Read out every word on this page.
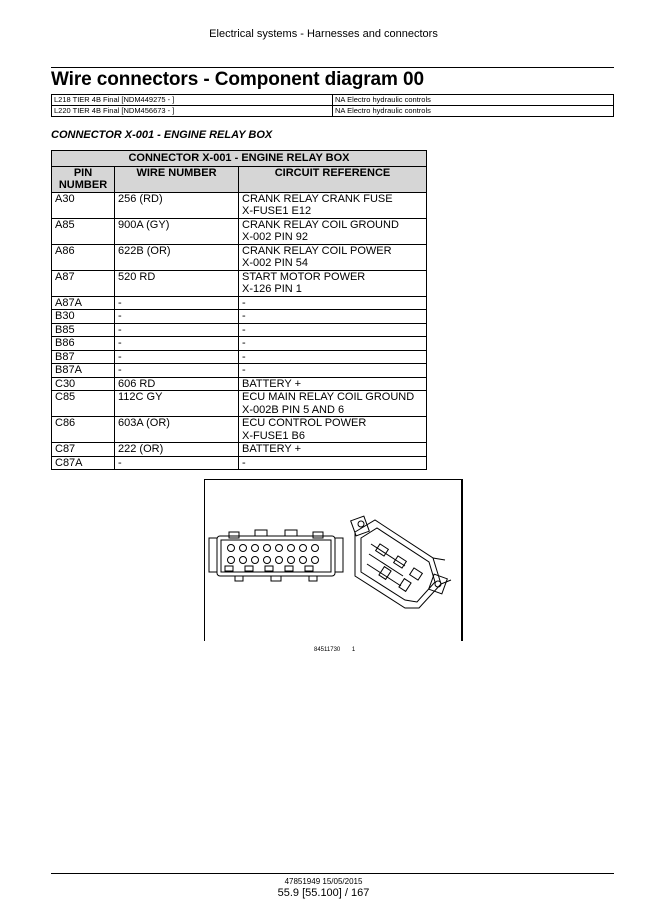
Electrical systems - Harnesses and connectors
Wire connectors - Component diagram 00
L218 TIER 4B Final [NDM449275 - ]	NA Electro hydraulic controls
L220 TIER 4B Final [NDM456673 - ]	NA Electro hydraulic controls
CONNECTOR X-001 - ENGINE RELAY BOX
CONNECTOR X-001 - ENGINE RELAY BOX		
PIN NUMBER	WIRE NUMBER	CIRCUIT REFERENCE
A30	256 (RD)	CRANK RELAY CRANK FUSE
X-FUSE1 E12

A85	900A (GY)	CRANK RELAY COIL GROUND
X-002 PIN 92

A86	622B (OR)	CRANK RELAY COIL POWER
X-002 PIN 54

A87	520 RD	START MOTOR POWER
X-126 PIN 1

A87A	-	-

B30	-	-

B85	-	-

B86	-	-

B87	-	-

B87A	-	-

C30	606 RD	BATTERY +

C85	112C GY	ECU MAIN RELAY COIL GROUND
X-002B PIN 5 AND 6

C86	603A (OR)	ECU CONTROL POWER
X-FUSE1 B6

C87	222 (OR)	BATTERY +

C87A	-	-
84511730 1
47851949 15/05/2015
55.9 [55.100] / 167
